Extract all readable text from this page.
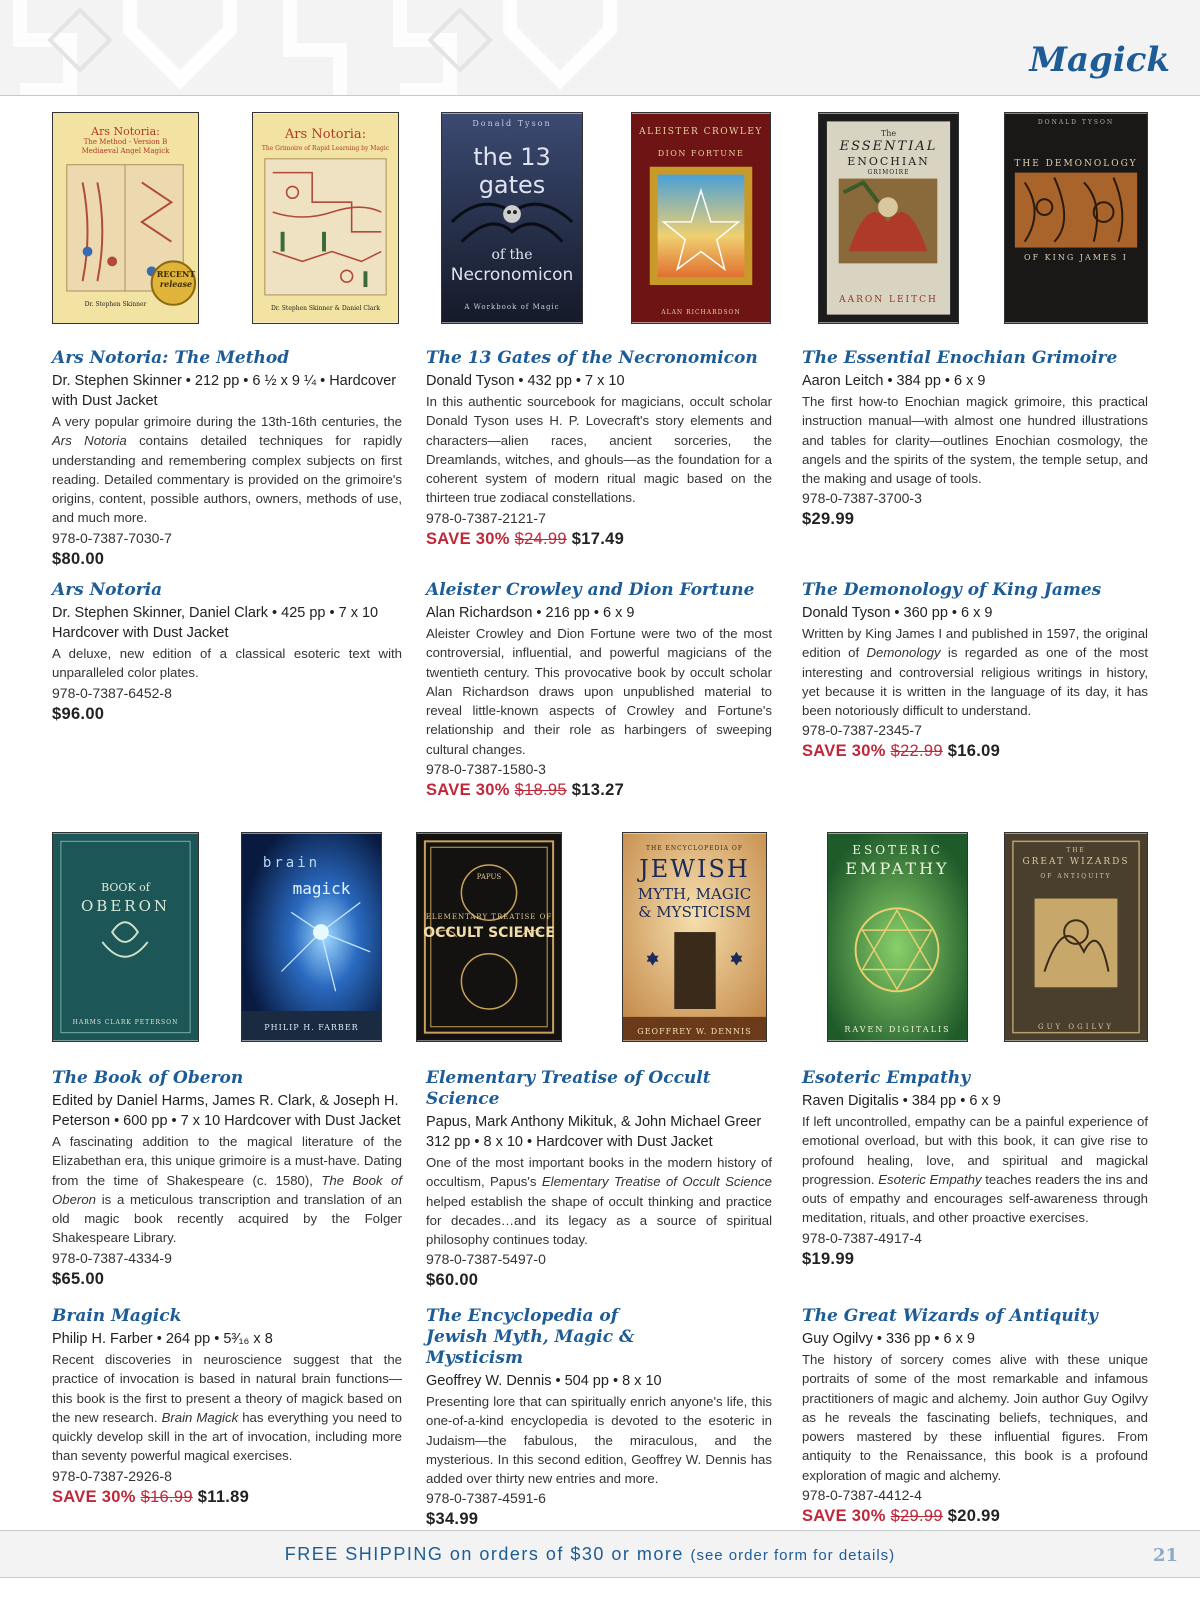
Magick
Ars Notoria:
The Method - Version B
Mediaeval Angel Magick
Dr. Stephen Skinner
RECENT
release
Ars Notoria:
The Grimoire of Rapid Learning by Magic
Dr. Stephen Skinner & Daniel Clark
Donald Tyson
the 13 gates
of the
Necronomicon
A Workbook of Magic
ALEISTER CROWLEY
DION FORTUNE
ALAN RICHARDSON
The
ESSENTIAL
ENOCHIAN
GRIMOIRE
AARON LEITCH
DONALD TYSON
THE DEMONOLOGY
OF KING JAMES I
Ars Notoria: The Method
Dr. Stephen Skinner • 212 pp • 6 ½ x 9 ¼ • Hardcover with Dust Jacket
A very popular grimoire during the 13th-16th centuries, the Ars Notoria contains detailed techniques for rapidly understanding and remembering complex subjects on first reading. Detailed commentary is provided on the grimoire's origins, content, possible authors, owners, methods of use, and much more.
978-0-7387-7030-7
$80.00
Ars Notoria
Dr. Stephen Skinner, Daniel Clark • 425 pp • 7 x 10 Hardcover with Dust Jacket
A deluxe, new edition of a classical esoteric text with unparalleled color plates.
978-0-7387-6452-8
$96.00
The 13 Gates of the Necronomicon
Donald Tyson • 432 pp • 7 x 10
In this authentic sourcebook for magicians, occult scholar Donald Tyson uses H. P. Lovecraft's story elements and characters—alien races, ancient sorceries, the Dreamlands, witches, and ghouls—as the foundation for a coherent system of modern ritual magic based on the thirteen true zodiacal constellations.
978-0-7387-2121-7
SAVE 30% $24.99 $17.49
Aleister Crowley and Dion Fortune
Alan Richardson • 216 pp • 6 x 9
Aleister Crowley and Dion Fortune were two of the most controversial, influential, and powerful magicians of the twentieth century. This provocative book by occult scholar Alan Richardson draws upon unpublished material to reveal little-known aspects of Crowley and Fortune's relationship and their role as harbingers of sweeping cultural changes.
978-0-7387-1580-3
SAVE 30% $18.95 $13.27
The Essential Enochian Grimoire
Aaron Leitch • 384 pp • 6 x 9
The first how-to Enochian magick grimoire, this practical instruction manual—with almost one hundred illustrations and tables for clarity—outlines Enochian cosmology, the angels and the spirits of the system, the temple setup, and the making and usage of tools.
978-0-7387-3700-3
$29.99
The Demonology of King James
Donald Tyson • 360 pp • 6 x 9
Written by King James I and published in 1597, the original edition of Demonology is regarded as one of the most interesting and controversial religious writings in history, yet because it is written in the language of its day, it has been notoriously difficult to understand.
978-0-7387-2345-7
SAVE 30% $22.99 $16.09
BOOK of
OBERON
HARMS CLARK PETERSON
brain
magick
PHILIP H. FARBER
PAPUS
ELEMENTARY TREATISE OF
OCCULT SCIENCE
THE ENCYCLOPEDIA OF
JEWISH
MYTH, MAGIC
& MYSTICISM
GEOFFREY W. DENNIS
ESOTERIC
EMPATHY
RAVEN DIGITALIS
THE
GREAT WIZARDS
OF ANTIQUITY
GUY OGILVY
The Book of Oberon
Edited by Daniel Harms, James R. Clark, & Joseph H. Peterson • 600 pp • 7 x 10 Hardcover with Dust Jacket
A fascinating addition to the magical literature of the Elizabethan era, this unique grimoire is a must-have. Dating from the time of Shakespeare (c. 1580), The Book of Oberon is a meticulous transcription and translation of an old magic book recently acquired by the Folger Shakespeare Library.
978-0-7387-4334-9
$65.00
Brain Magick
Philip H. Farber • 264 pp • 5³⁄₁₆ x 8
Recent discoveries in neuroscience suggest that the practice of invocation is based in natural brain functions—this book is the first to present a theory of magick based on the new research. Brain Magick has everything you need to quickly develop skill in the art of invocation, including more than seventy powerful magical exercises.
978-0-7387-2926-8
SAVE 30% $16.99 $11.89
Elementary Treatise of Occult Science
Papus, Mark Anthony Mikituk, & John Michael Greer 312 pp • 8 x 10 • Hardcover with Dust Jacket
One of the most important books in the modern history of occultism, Papus's Elementary Treatise of Occult Science helped establish the shape of occult thinking and practice for decades…and its legacy as a source of spiritual philosophy continues today.
978-0-7387-5497-0
$60.00
The Encyclopedia of Jewish Myth, Magic & Mysticism
Geoffrey W. Dennis • 504 pp • 8 x 10
Presenting lore that can spiritually enrich anyone's life, this one-of-a-kind encyclopedia is devoted to the esoteric in Judaism—the fabulous, the miraculous, and the mysterious. In this second edition, Geoffrey W. Dennis has added over thirty new entries and more.
978-0-7387-4591-6
$34.99
Esoteric Empathy
Raven Digitalis • 384 pp • 6 x 9
If left uncontrolled, empathy can be a painful experience of emotional overload, but with this book, it can give rise to profound healing, love, and spiritual and magickal progression. Esoteric Empathy teaches readers the ins and outs of empathy and encourages self-awareness through meditation, rituals, and other proactive exercises.
978-0-7387-4917-4
$19.99
The Great Wizards of Antiquity
Guy Ogilvy • 336 pp • 6 x 9
The history of sorcery comes alive with these unique portraits of some of the most remarkable and infamous practitioners of magic and alchemy. Join author Guy Ogilvy as he reveals the fascinating beliefs, techniques, and powers mastered by these influential figures. From antiquity to the Renaissance, this book is a profound exploration of magic and alchemy.
978-0-7387-4412-4
SAVE 30% $29.99 $20.99
FREE SHIPPING on orders of $30 or more (see order form for details)	21
